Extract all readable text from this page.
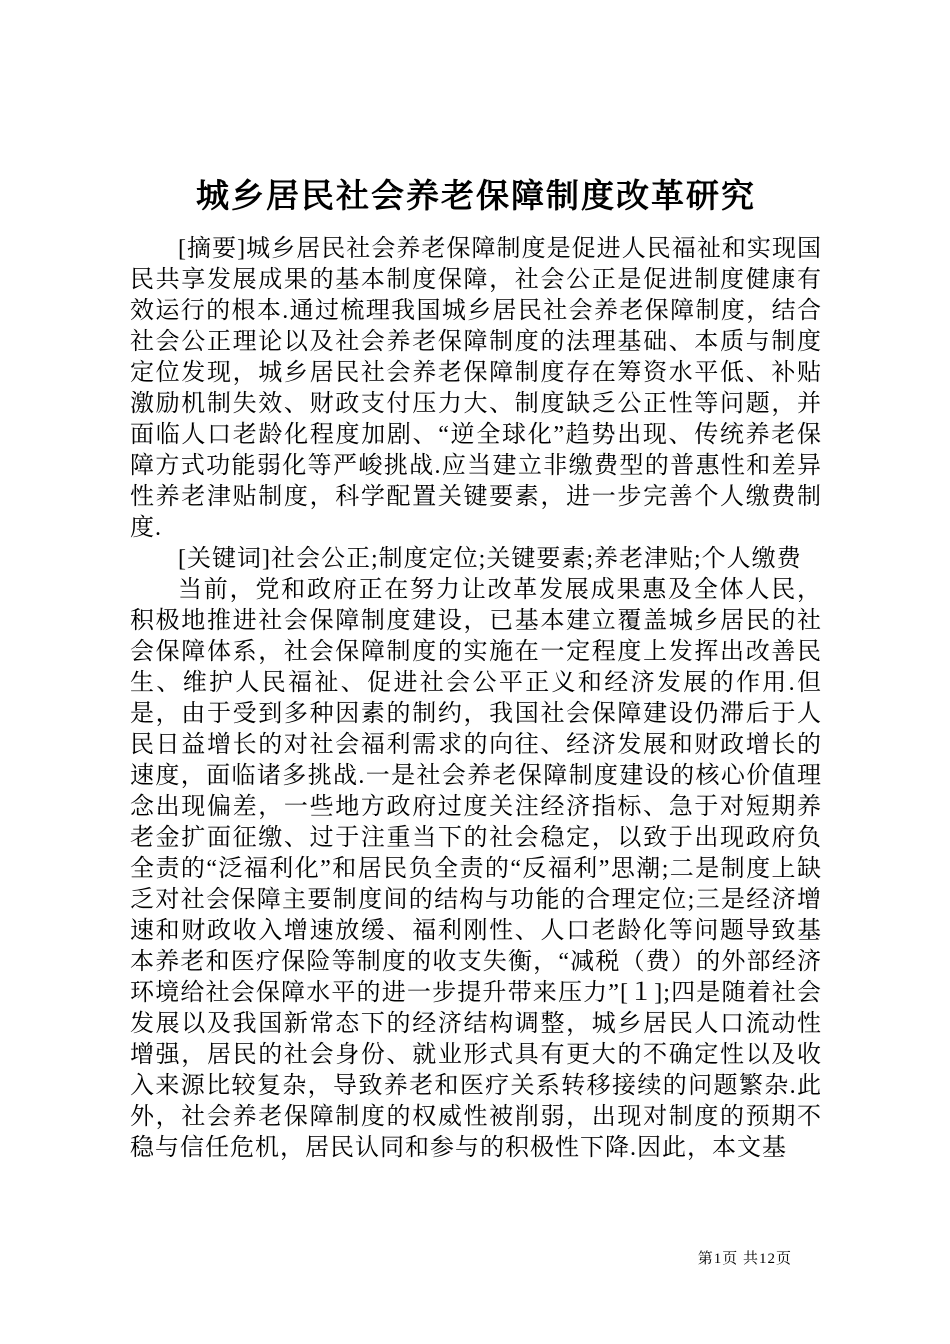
城乡居民社会养老保障制度改革研究

[摘要]城乡居民社会养老保障制度是促进人民福祉和实现国民共享发展成果的基本制度保障，社会公正是促进制度健康有效运行的根本.通过梳理我国城乡居民社会养老保障制度，结合社会公正理论以及社会养老保障制度的法理基础、本质与制度定位发现，城乡居民社会养老保障制度存在筹资水平低、补贴激励机制失效、财政支付压力大、制度缺乏公正性等问题，并面临人口老龄化程度加剧、“逆全球化”趋势出现、传统养老保障方式功能弱化等严峻挑战.应当建立非缴费型的普惠性和差异性养老津贴制度，科学配置关键要素，进一步完善个人缴费制度.

[关键词]社会公正;制度定位;关键要素;养老津贴;个人缴费

当前，党和政府正在努力让改革发展成果惠及全体人民，积极地推进社会保障制度建设，已基本建立覆盖城乡居民的社会保障体系，社会保障制度的实施在一定程度上发挥出改善民生、维护人民福祉、促进社会公平正义和经济发展的作用.但是，由于受到多种因素的制约，我国社会保障建设仍滞后于人民日益增长的对社会福利需求的向往、经济发展和财政增长的速度，面临诸多挑战.一是社会养老保障制度建设的核心价值理念出现偏差，一些地方政府过度关注经济指标、急于对短期养老金扩面征缴、过于注重当下的社会稳定，以致于出现政府负全责的“泛福利化”和居民负全责的“反福利”思潮;二是制度上缺乏对社会保障主要制度间的结构与功能的合理定位;三是经济增速和财政收入增速放缓、福利刚性、人口老龄化等问题导致基本养老和医疗保险等制度的收支失衡，“减税（费）的外部经济环境给社会保障水平的进一步提升带来压力”[１];四是随着社会发展以及我国新常态下的经济结构调整，城乡居民人口流动性增强，居民的社会身份、就业形式具有更大的不确定性以及收入来源比较复杂，导致养老和医疗关系转移接续的问题繁杂.此外，社会养老保障制度的权威性被削弱，出现对制度的预期不稳与信任危机，居民认同和参与的积极性下降.因此，本文基

第1页 共12页
